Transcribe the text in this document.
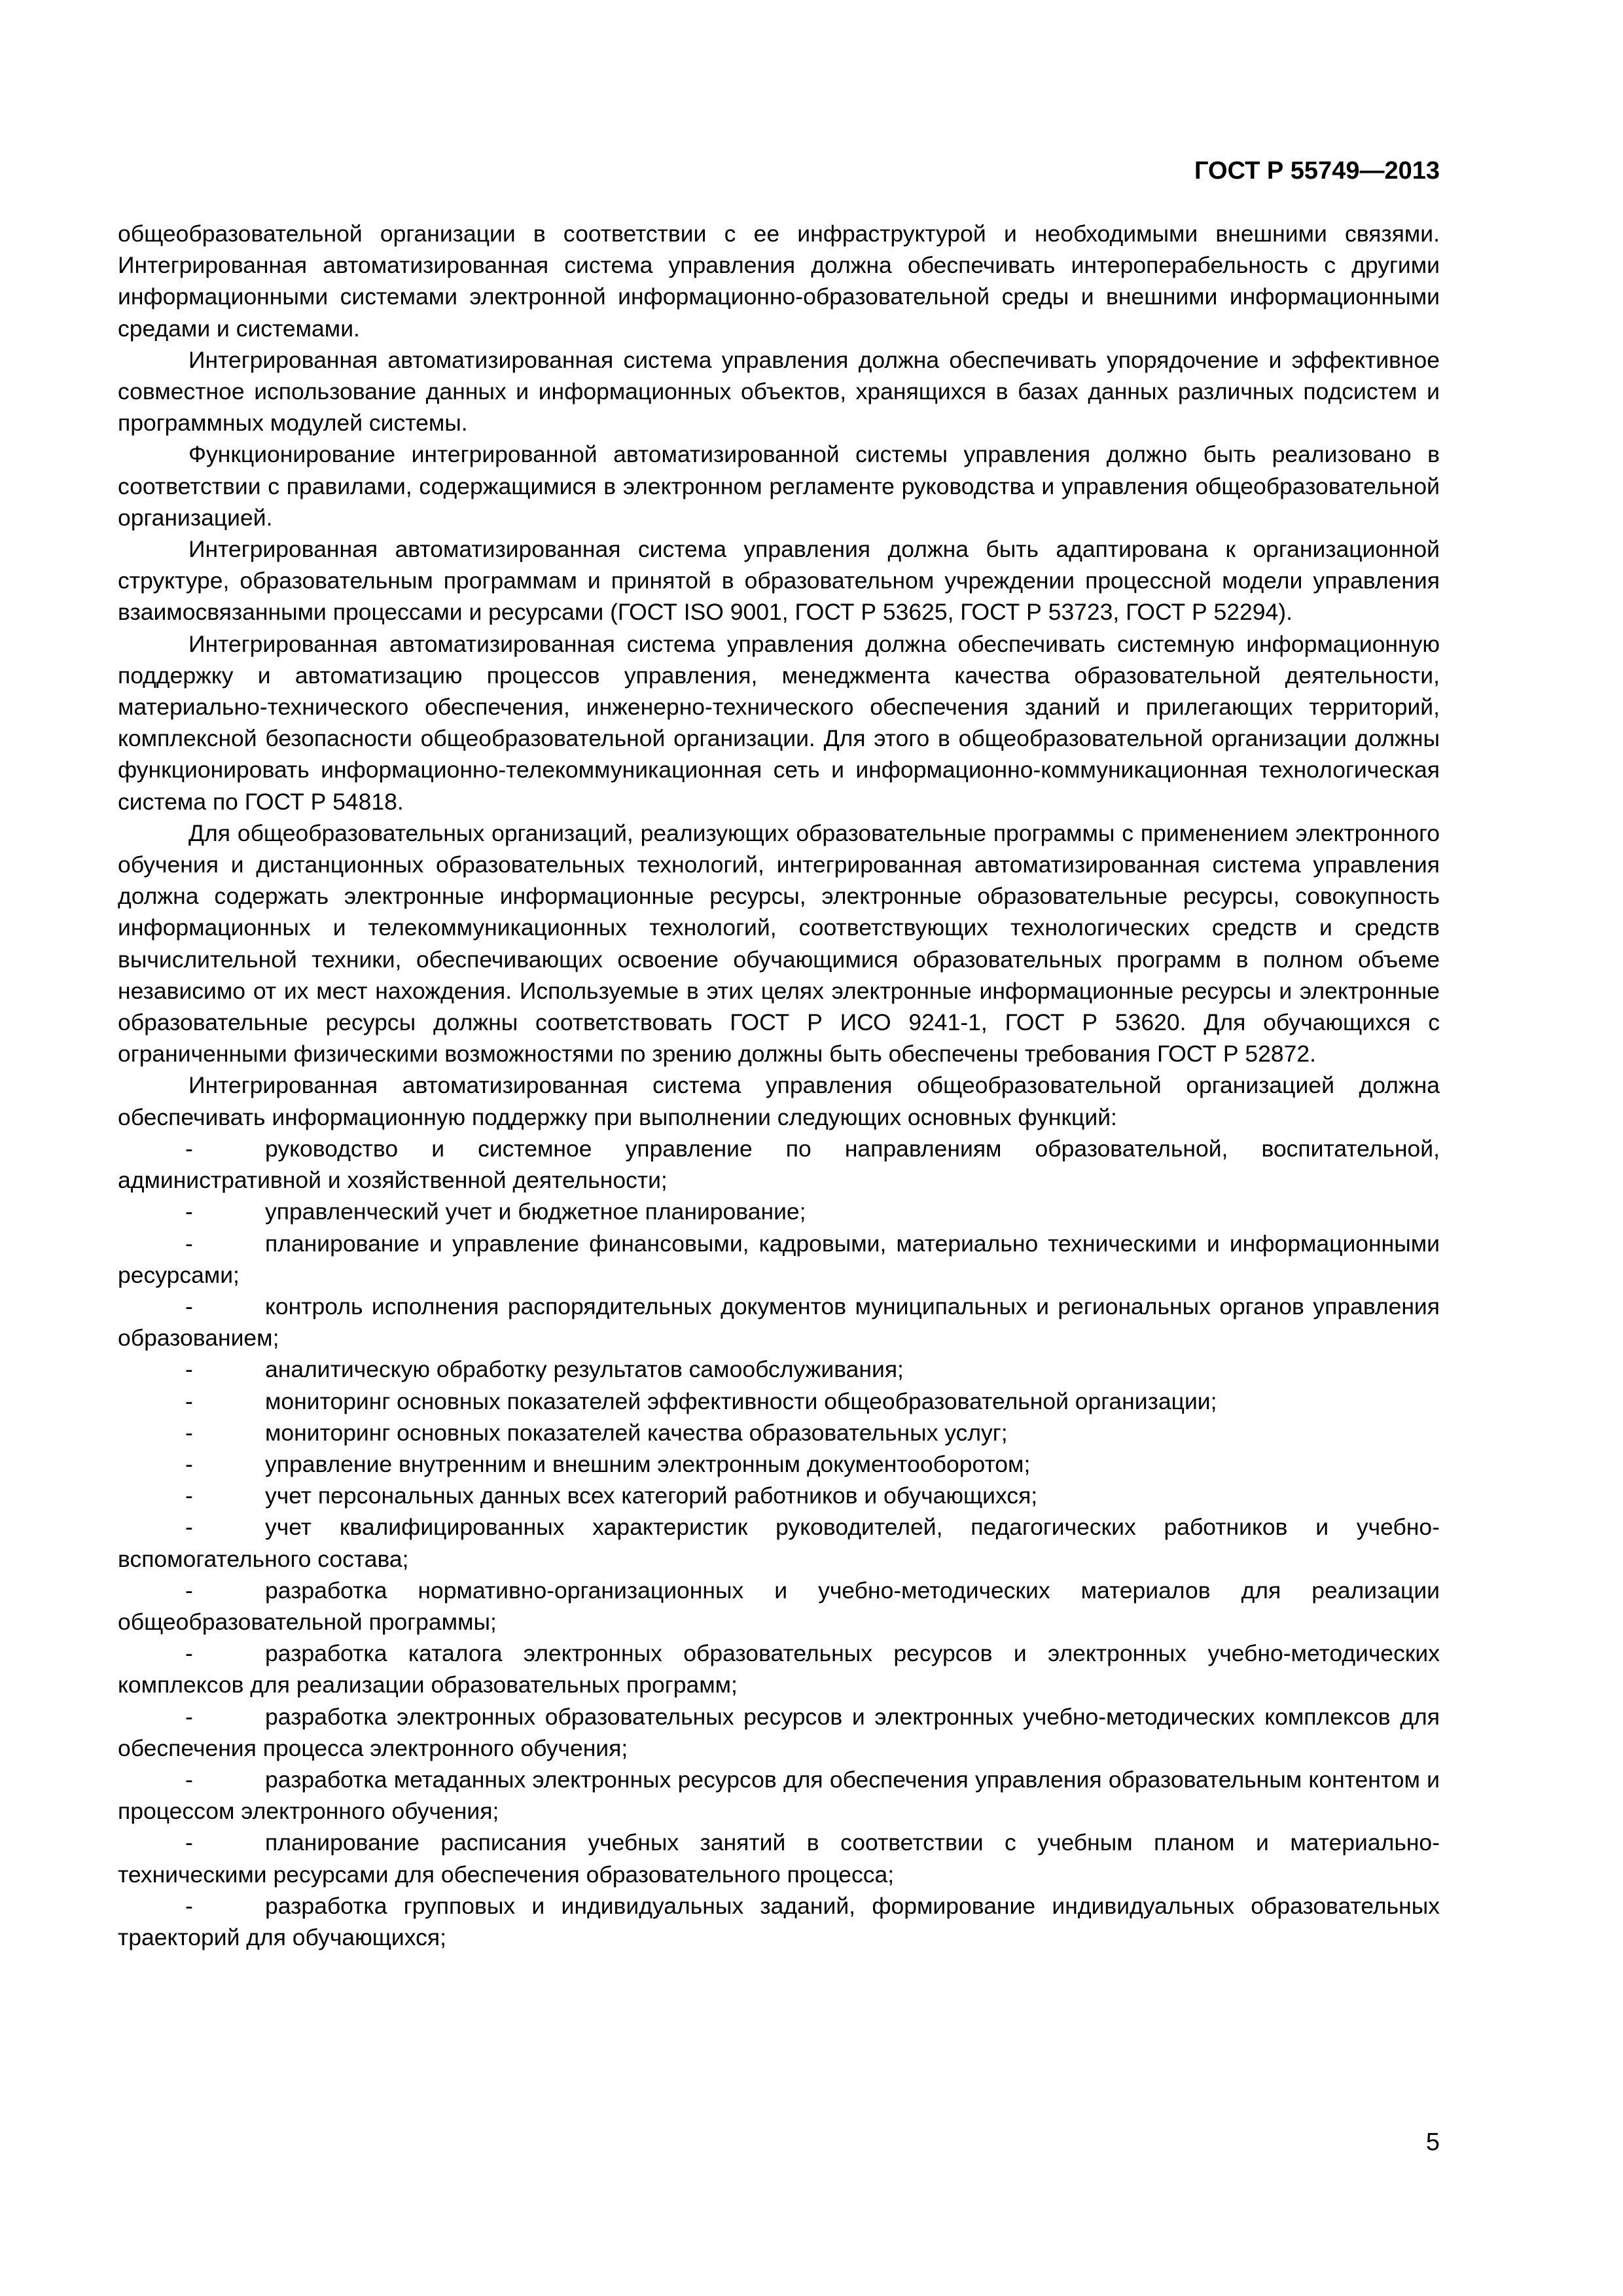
ГОСТ Р 55749—2013

общеобразовательной организации в соответствии с ее инфраструктурой и необходимыми внешними связями. Интегрированная автоматизированная система управления должна обеспечивать интероперабельность с другими информационными системами электронной информационно-образовательной среды и внешними информационными средами и системами.

Интегрированная автоматизированная система управления должна обеспечивать упорядочение и эффективное совместное использование данных и информационных объектов, хранящихся в базах данных различных подсистем и программных модулей системы.

Функционирование интегрированной автоматизированной системы управления должно быть реализовано в соответствии с правилами, содержащимися в электронном регламенте руководства и управления общеобразовательной организацией.

Интегрированная автоматизированная система управления должна быть адаптирована к организационной структуре, образовательным программам и принятой в образовательном учреждении процессной модели управления взаимосвязанными процессами и ресурсами (ГОСТ ISO 9001, ГОСТ Р 53625, ГОСТ Р 53723, ГОСТ Р 52294).

Интегрированная автоматизированная система управления должна обеспечивать системную информационную поддержку и автоматизацию процессов управления, менеджмента качества образовательной деятельности, материально-технического обеспечения, инженерно-технического обеспечения зданий и прилегающих территорий, комплексной безопасности общеобразовательной организации. Для этого в общеобразовательной организации должны функционировать информационно-телекоммуникационная сеть и информационно-коммуникационная технологическая система по ГОСТ Р 54818.

Для общеобразовательных организаций, реализующих образовательные программы с применением электронного обучения и дистанционных образовательных технологий, интегрированная автоматизированная система управления должна содержать электронные информационные ресурсы, электронные образовательные ресурсы, совокупность информационных и телекоммуникационных технологий, соответствующих технологических средств и средств вычислительной техники, обеспечивающих освоение обучающимися образовательных программ в полном объеме независимо от их мест нахождения. Используемые в этих целях электронные информационные ресурсы и электронные образовательные ресурсы должны соответствовать ГОСТ Р ИСО 9241-1, ГОСТ Р 53620. Для обучающихся с ограниченными физическими возможностями по зрению должны быть обеспечены требования ГОСТ Р 52872.

Интегрированная автоматизированная система управления общеобразовательной организацией должна обеспечивать информационную поддержку при выполнении следующих основных функций:

-	руководство и системное управление по направлениям образовательной, воспитательной, административной и хозяйственной деятельности;

-	управленческий учет и бюджетное планирование;

-	планирование и управление финансовыми, кадровыми, материально техническими и информационными ресурсами;

-	контроль исполнения распорядительных документов муниципальных и региональных органов управления образованием;

-	аналитическую обработку результатов самообслуживания;

-	мониторинг основных показателей эффективности общеобразовательной организации;

-	мониторинг основных показателей качества образовательных услуг;

-	управление внутренним и внешним электронным документооборотом;

-	учет персональных данных всех категорий работников и обучающихся;

-	учет квалифицированных характеристик руководителей, педагогических работников и учебно-вспомогательного состава;

-	разработка нормативно-организационных и учебно-методических материалов для реализации общеобразовательной программы;

-	разработка каталога электронных образовательных ресурсов и электронных учебно-методических комплексов для реализации образовательных программ;

-	разработка электронных образовательных ресурсов и электронных учебно-методических комплексов для обеспечения процесса электронного обучения;

-	разработка метаданных электронных ресурсов для обеспечения управления образовательным контентом и процессом электронного обучения;

-	планирование расписания учебных занятий в соответствии с учебным планом и материально-техническими ресурсами для обеспечения образовательного процесса;

-	разработка групповых и индивидуальных заданий, формирование индивидуальных образовательных траекторий для обучающихся;

5
